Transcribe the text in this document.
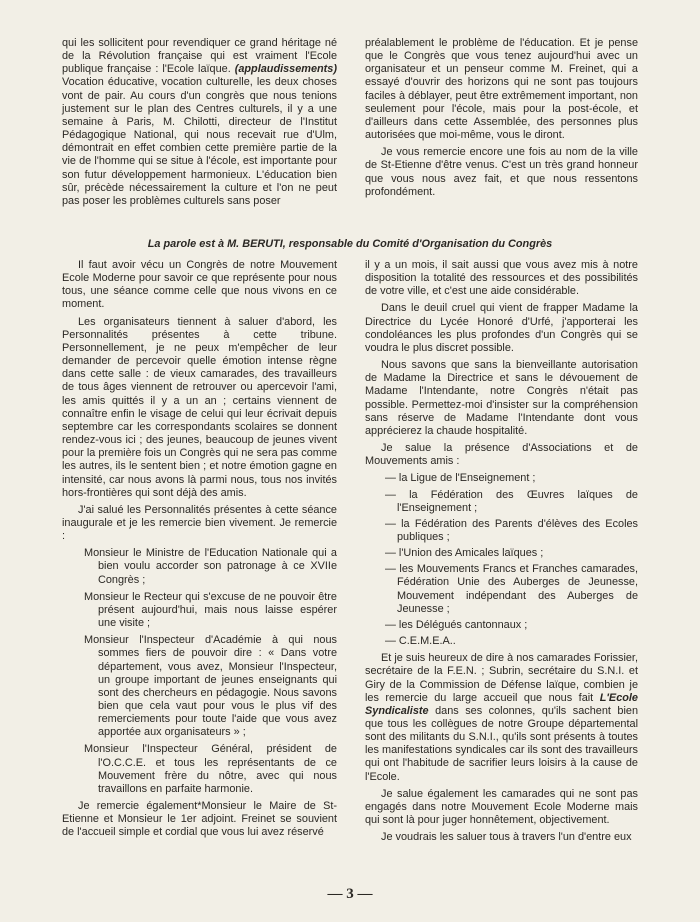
qui les sollicitent pour revendiquer ce grand héritage né de la Révolution française qui est vraiment l'Ecole publique française : l'Ecole laïque. (applaudissements) Vocation éducative, vocation culturelle, les deux choses vont de pair. Au cours d'un congrès que nous tenions justement sur le plan des Centres culturels, il y a une semaine à Paris, M. Chilotti, directeur de l'Institut Pédagogique National, qui nous recevait rue d'Ulm, démontrait en effet combien cette première partie de la vie de l'homme qui se situe à l'école, est importante pour son futur développement harmonieux. L'éducation bien sûr, précède nécessairement la culture et l'on ne peut pas poser les problèmes culturels sans poser

préalablement le problème de l'éducation. Et je pense que le Congrès que vous tenez aujourd'hui avec un organisateur et un penseur comme M. Freinet, qui a essayé d'ouvrir des horizons qui ne sont pas toujours faciles à déblayer, peut être extrêmement important, non seulement pour l'école, mais pour la post-école, et d'ailleurs dans cette Assemblée, des personnes plus autorisées que moi-même, vous le diront.

Je vous remercie encore une fois au nom de la ville de St-Etienne d'être venus. C'est un très grand honneur que vous nous avez fait, et que nous ressentons profondément.

La parole est à M. BERUTI, responsable du Comité d'Organisation du Congrès

Il faut avoir vécu un Congrès de notre Mouvement Ecole Moderne pour savoir ce que représente pour nous tous, une séance comme celle que nous vivons en ce moment.

Les organisateurs tiennent à saluer d'abord, les Personnalités présentes à cette tribune. Personnellement, je ne peux m'empêcher de leur demander de percevoir quelle émotion intense règne dans cette salle : de vieux camarades, des travailleurs de tous âges viennent de retrouver ou apercevoir l'ami, les amis quittés il y a un an ; certains viennent de connaître enfin le visage de celui qui leur écrivait depuis septembre car les correspondants scolaires se donnent rendez-vous ici ; des jeunes, beaucoup de jeunes vivent pour la première fois un Congrès qui ne sera pas comme les autres, ils le sentent bien ; et notre émotion gagne en intensité, car nous avons là parmi nous, tous nos invités hors-frontières qui sont déjà des amis.

J'ai salué les Personnalités présentes à cette séance inaugurale et je les remercie bien vivement. Je remercie :

Monsieur le Ministre de l'Education Nationale qui a bien voulu accorder son patronage à ce XVIIe Congrès ;
Monsieur le Recteur qui s'excuse de ne pouvoir être présent aujourd'hui, mais nous laisse espérer une visite ;
Monsieur l'Inspecteur d'Académie à qui nous sommes fiers de pouvoir dire : « Dans votre département, vous avez, Monsieur l'Inspecteur, un groupe important de jeunes enseignants qui sont des chercheurs en pédagogie. Nous savons bien que cela vaut pour vous le plus vif des remerciements pour toute l'aide que vous avez apportée aux organisateurs » ;
Monsieur l'Inspecteur Général, président de l'O.C.C.E. et tous les représentants de ce Mouvement frère du nôtre, avec qui nous travaillons en parfaite harmonie.

Je remercie également*Monsieur le Maire de St-Etienne et Monsieur le 1er adjoint. Freinet se souvient de l'accueil simple et cordial que vous lui avez réservé

il y a un mois, il sait aussi que vous avez mis à notre disposition la totalité des ressources et des possibilités de votre ville, et c'est une aide considérable.

Dans le deuil cruel qui vient de frapper Madame la Directrice du Lycée Honoré d'Urfé, j'apporterai les condoléances les plus profondes d'un Congrès qui se voudra le plus discret possible.

Nous savons que sans la bienveillante autorisation de Madame la Directrice et sans le dévouement de Madame l'Intendante, notre Congrès n'était pas possible. Permettez-moi d'insister sur la compréhension sans réserve de Madame l'Intendante dont vous apprécierez la chaude hospitalité.

Je salue la présence d'Associations et de Mouvements amis :

— la Ligue de l'Enseignement ;
— la Fédération des Œuvres laïques de l'Enseignement ;
— la Fédération des Parents d'élèves des Ecoles publiques ;
— l'Union des Amicales laïques ;
— les Mouvements Francs et Franches camarades, Fédération Unie des Auberges de Jeunesse, Mouvement indépendant des Auberges de Jeunesse ;
— les Délégués cantonnaux ;
— C.E.M.E.A..

Et je suis heureux de dire à nos camarades Forissier, secrétaire de la F.E.N. ; Subrin, secrétaire du S.N.I. et Giry de la Commission de Défense laïque, combien je les remercie du large accueil que nous fait L'Ecole Syndicaliste dans ses colonnes, qu'ils sachent bien que tous les collègues de notre Groupe départemental sont des militants du S.N.I., qu'ils sont présents à toutes les manifestations syndicales car ils sont des travailleurs qui ont l'habitude de sacrifier leurs loisirs à la cause de l'Ecole.

Je salue également les camarades qui ne sont pas engagés dans notre Mouvement Ecole Moderne mais qui sont là pour juger honnêtement, objectivement.

Je voudrais les saluer tous à travers l'un d'entre eux

— 3 —
